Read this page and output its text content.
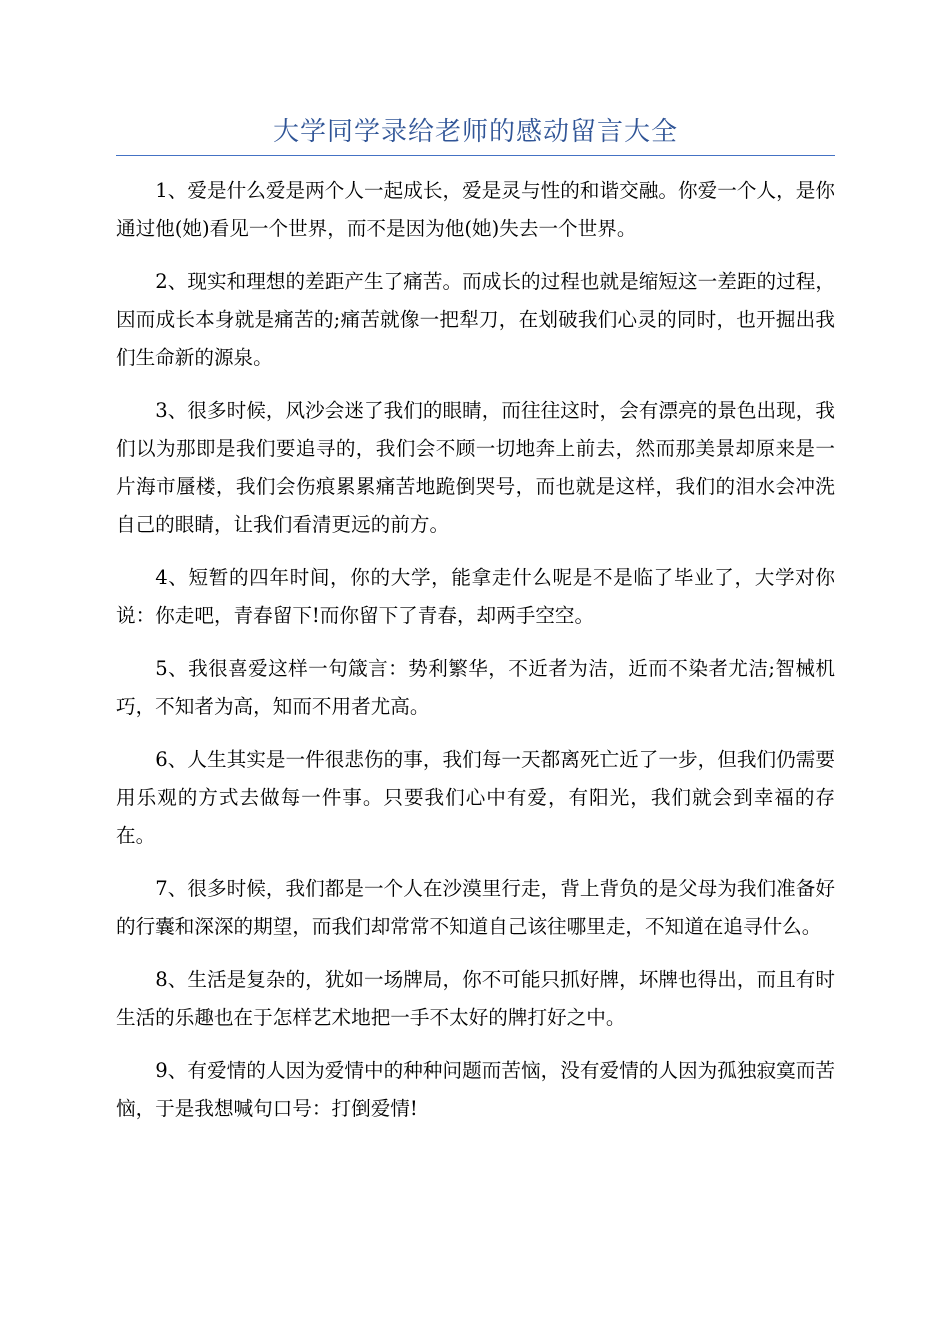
大学同学录给老师的感动留言大全

1、爱是什么爱是两个人一起成长，爱是灵与性的和谐交融。你爱一个人，是你通过他(她)看见一个世界，而不是因为他(她)失去一个世界。

2、现实和理想的差距产生了痛苦。而成长的过程也就是缩短这一差距的过程，因而成长本身就是痛苦的;痛苦就像一把犁刀，在划破我们心灵的同时，也开掘出我们生命新的源泉。

3、很多时候，风沙会迷了我们的眼睛，而往往这时，会有漂亮的景色出现，我们以为那即是我们要追寻的，我们会不顾一切地奔上前去，然而那美景却原来是一片海市蜃楼，我们会伤痕累累痛苦地跪倒哭号，而也就是这样，我们的泪水会冲洗自己的眼睛，让我们看清更远的前方。

4、短暂的四年时间，你的大学，能拿走什么呢是不是临了毕业了，大学对你说：你走吧，青春留下!而你留下了青春，却两手空空。

5、我很喜爱这样一句箴言：势利繁华，不近者为洁，近而不染者尤洁;智械机巧，不知者为高，知而不用者尤高。

6、人生其实是一件很悲伤的事，我们每一天都离死亡近了一步，但我们仍需要用乐观的方式去做每一件事。只要我们心中有爱，有阳光，我们就会到幸福的存在。

7、很多时候，我们都是一个人在沙漠里行走，背上背负的是父母为我们准备好的行囊和深深的期望，而我们却常常不知道自己该往哪里走，不知道在追寻什么。

8、生活是复杂的，犹如一场牌局，你不可能只抓好牌，坏牌也得出，而且有时生活的乐趣也在于怎样艺术地把一手不太好的牌打好之中。

9、有爱情的人因为爱情中的种种问题而苦恼，没有爱情的人因为孤独寂寞而苦恼，于是我想喊句口号：打倒爱情!
